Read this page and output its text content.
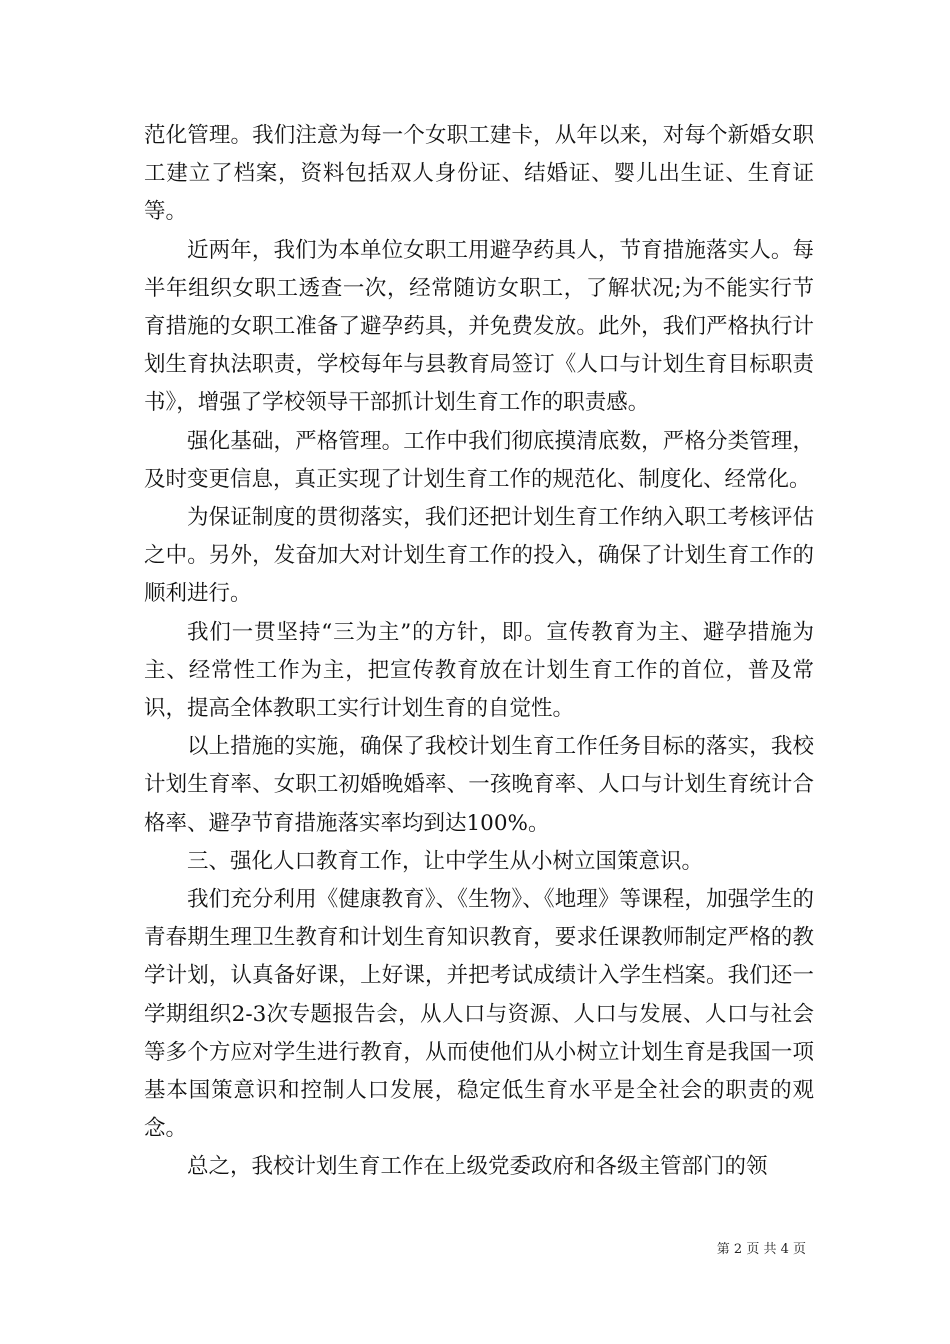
范化管理。我们注意为每一个女职工建卡，从年以来，对每个新婚女职工建立了档案，资料包括双人身份证、结婚证、婴儿出生证、生育证等。

近两年，我们为本单位女职工用避孕药具人，节育措施落实人。每半年组织女职工透查一次，经常随访女职工，了解状况;为不能实行节育措施的女职工准备了避孕药具，并免费发放。此外，我们严格执行计划生育执法职责，学校每年与县教育局签订《人口与计划生育目标职责书》，增强了学校领导干部抓计划生育工作的职责感。

强化基础，严格管理。工作中我们彻底摸清底数，严格分类管理，及时变更信息，真正实现了计划生育工作的规范化、制度化、经常化。

为保证制度的贯彻落实，我们还把计划生育工作纳入职工考核评估之中。另外，发奋加大对计划生育工作的投入，确保了计划生育工作的顺利进行。

我们一贯坚持“三为主”的方针，即。宣传教育为主、避孕措施为主、经常性工作为主，把宣传教育放在计划生育工作的首位，普及常识，提高全体教职工实行计划生育的自觉性。

以上措施的实施，确保了我校计划生育工作任务目标的落实，我校计划生育率、女职工初婚晚婚率、一孩晚育率、人口与计划生育统计合格率、避孕节育措施落实率均到达100%。

三、强化人口教育工作，让中学生从小树立国策意识。

我们充分利用《健康教育》、《生物》、《地理》等课程，加强学生的青春期生理卫生教育和计划生育知识教育，要求任课教师制定严格的教学计划，认真备好课，上好课，并把考试成绩计入学生档案。我们还一学期组织2-3次专题报告会，从人口与资源、人口与发展、人口与社会等多个方应对学生进行教育，从而使他们从小树立计划生育是我国一项基本国策意识和控制人口发展，稳定低生育水平是全社会的职责的观念。

总之，我校计划生育工作在上级党委政府和各级主管部门的领

第 2 页 共 4 页
